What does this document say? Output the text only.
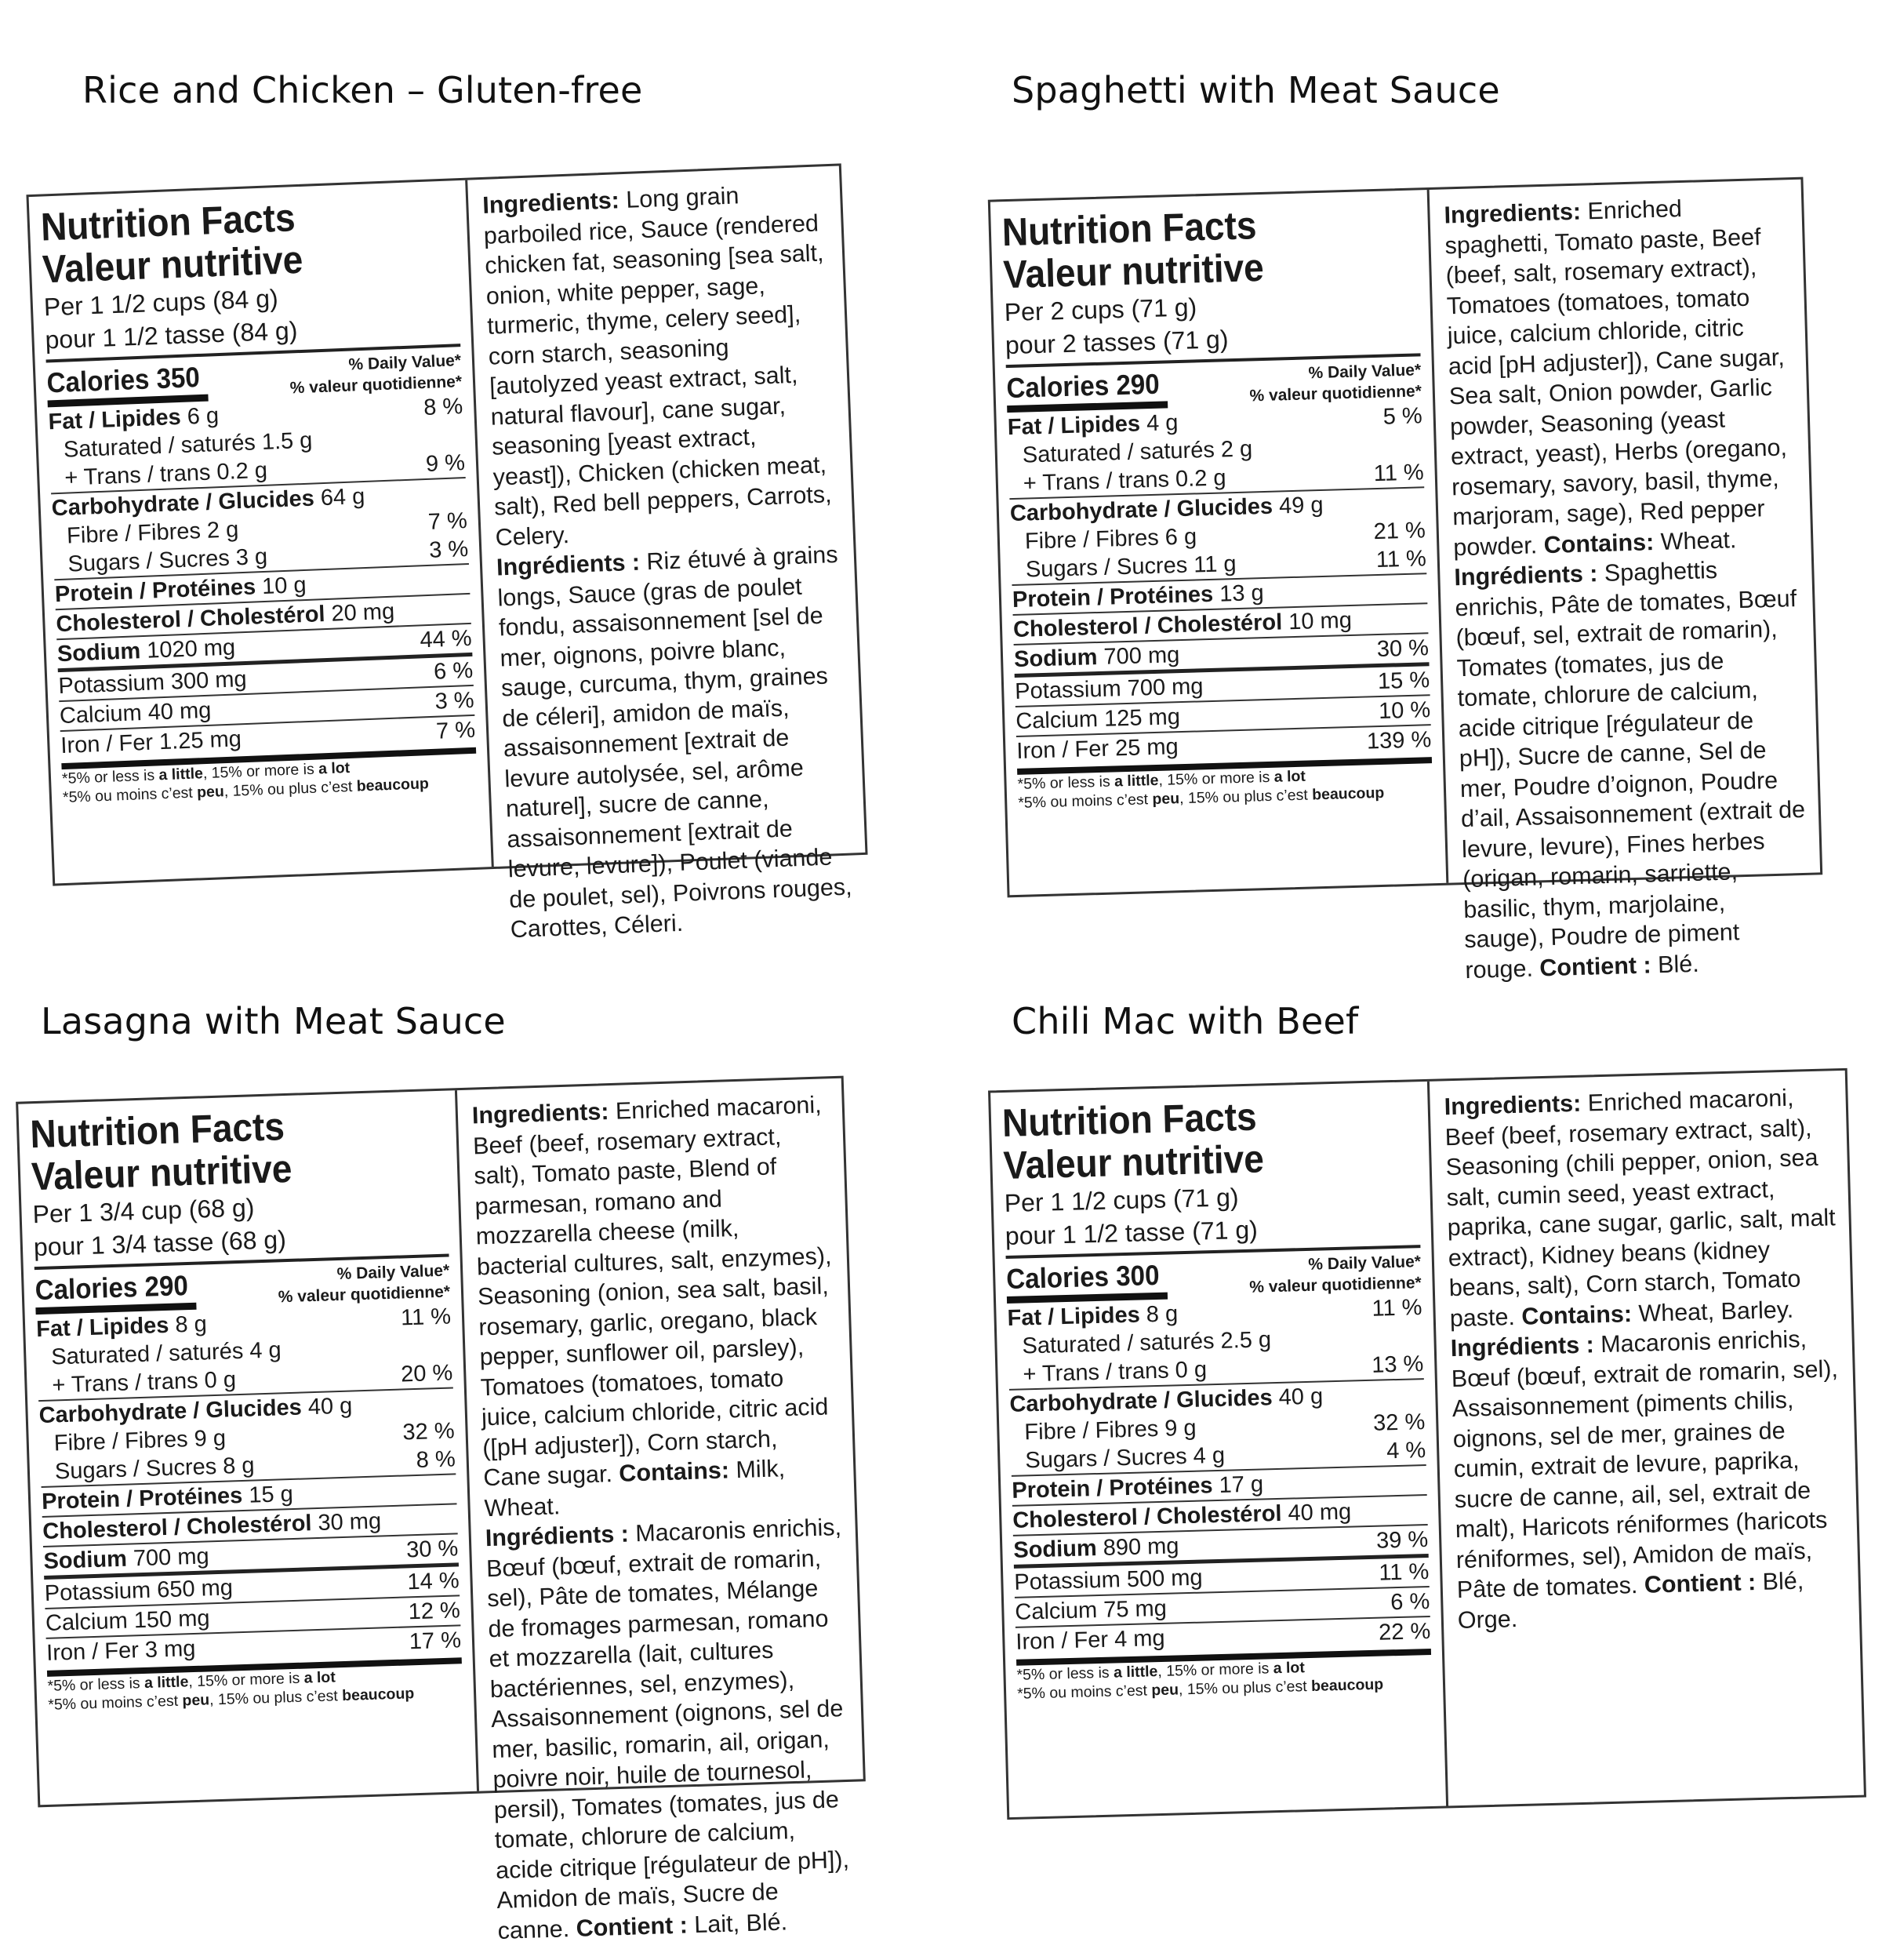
Rice and Chicken – Gluten-free	Spaghetti with Meat Sauce
Lasagna with Meat Sauce	Chili Mac with Beef
Nutrition Facts
Valeur nutritive
Per 1 1/2 cups (84 g)
pour 1 1/2 tasse (84 g)
Calories 350	% Daily Value*
% valeur quotidienne*
Fat / Lipides 6 g	8 %
Saturated / saturés 1.5 g
+ Trans / trans 0.2 g	9 %
Carbohydrate / Glucides 64 g
Fibre / Fibres 2 g	7 %
Sugars / Sucres 3 g	3 %
Protein / Protéines 10 g
Cholesterol / Cholestérol 20 mg
Sodium 1020 mg	44 %
Potassium 300 mg	6 %
Calcium 40 mg	3 %
Iron / Fer 1.25 mg	7 %
*5% or less is a little, 15% or more is a lot
*5% ou moins c’est peu, 15% ou plus c’est beaucoup
Ingredients: Long grain parboiled rice, Sauce (rendered chicken fat, seasoning [sea salt, onion, white pepper, sage, turmeric, thyme, celery seed], corn starch, seasoning [autolyzed yeast extract, salt, natural flavour], cane sugar, seasoning [yeast extract, yeast]), Chicken (chicken meat, salt), Red bell peppers, Carrots, Celery.
Ingrédients : Riz étuvé à grains longs, Sauce (gras de poulet fondu, assaisonnement [sel de mer, oignons, poivre blanc, sauge, curcuma, thym, graines de céleri], amidon de maïs, assaisonnement [extrait de levure autolysée, sel, arôme naturel], sucre de canne, assaisonnement [extrait de levure, levure]), Poulet (viande de poulet, sel), Poivrons rouges, Carottes, Céleri.
Nutrition Facts
Valeur nutritive
Per 2 cups (71 g)
pour 2 tasses (71 g)
Calories 290	% Daily Value*
% valeur quotidienne*
Fat / Lipides 4 g	5 %
Saturated / saturés 2 g
+ Trans / trans 0.2 g	11 %
Carbohydrate / Glucides 49 g
Fibre / Fibres 6 g	21 %
Sugars / Sucres 11 g	11 %
Protein / Protéines 13 g
Cholesterol / Cholestérol 10 mg
Sodium 700 mg	30 %
Potassium 700 mg	15 %
Calcium 125 mg	10 %
Iron / Fer 25 mg	139 %
*5% or less is a little, 15% or more is a lot
*5% ou moins c’est peu, 15% ou plus c’est beaucoup
Ingredients: Enriched spaghetti, Tomato paste, Beef (beef, salt, rosemary extract), Tomatoes (tomatoes, tomato juice, calcium chloride, citric acid [pH adjuster]), Cane sugar, Sea salt, Onion powder, Garlic powder, Seasoning (yeast extract, yeast), Herbs (oregano, rosemary, savory, basil, thyme, marjoram, sage), Red pepper powder. Contains: Wheat.
Ingrédients : Spaghettis enrichis, Pâte de tomates, Bœuf (bœuf, sel, extrait de romarin), Tomates (tomates, jus de tomate, chlorure de calcium, acide citrique [régulateur de pH]), Sucre de canne, Sel de mer, Poudre d’oignon, Poudre d’ail, Assaisonnement (extrait de levure, levure), Fines herbes (origan, romarin, sarriette, basilic, thym, marjolaine, sauge), Poudre de piment rouge. Contient : Blé.
Nutrition Facts
Valeur nutritive
Per 1 3/4 cup (68 g)
pour 1 3/4 tasse (68 g)
Calories 290	% Daily Value*
% valeur quotidienne*
Fat / Lipides 8 g	11 %
Saturated / saturés 4 g
+ Trans / trans 0 g	20 %
Carbohydrate / Glucides 40 g
Fibre / Fibres 9 g	32 %
Sugars / Sucres 8 g	8 %
Protein / Protéines 15 g
Cholesterol / Cholestérol 30 mg
Sodium 700 mg	30 %
Potassium 650 mg	14 %
Calcium 150 mg	12 %
Iron / Fer 3 mg	17 %
*5% or less is a little, 15% or more is a lot
*5% ou moins c’est peu, 15% ou plus c’est beaucoup
Ingredients: Enriched macaroni, Beef (beef, rosemary extract, salt), Tomato paste, Blend of parmesan, romano and mozzarella cheese (milk, bacterial cultures, salt, enzymes), Seasoning (onion, sea salt, basil, rosemary, garlic, oregano, black pepper, sunflower oil, parsley), Tomatoes (tomatoes, tomato juice, calcium chloride, citric acid ([pH adjuster]), Corn starch, Cane sugar. Contains: Milk, Wheat.
Ingrédients : Macaronis enrichis, Bœuf (bœuf, extrait de romarin, sel), Pâte de tomates, Mélange de fromages parmesan, romano et mozzarella (lait, cultures bactériennes, sel, enzymes), Assaisonnement (oignons, sel de mer, basilic, romarin, ail, origan, poivre noir, huile de tournesol, persil), Tomates (tomates, jus de tomate, chlorure de calcium, acide citrique [régulateur de pH]), Amidon de maïs, Sucre de canne. Contient : Lait, Blé.
Nutrition Facts
Valeur nutritive
Per 1 1/2 cups (71 g)
pour 1 1/2 tasse (71 g)
Calories 300	% Daily Value*
% valeur quotidienne*
Fat / Lipides 8 g	11 %
Saturated / saturés 2.5 g
+ Trans / trans 0 g	13 %
Carbohydrate / Glucides 40 g
Fibre / Fibres 9 g	32 %
Sugars / Sucres 4 g	4 %
Protein / Protéines 17 g
Cholesterol / Cholestérol 40 mg
Sodium 890 mg	39 %
Potassium 500 mg	11 %
Calcium 75 mg	6 %
Iron / Fer 4 mg	22 %
*5% or less is a little, 15% or more is a lot
*5% ou moins c’est peu, 15% ou plus c’est beaucoup
Ingredients: Enriched macaroni, Beef (beef, rosemary extract, salt), Seasoning (chili pepper, onion, sea salt, cumin seed, yeast extract, paprika, cane sugar, garlic, salt, malt extract), Kidney beans (kidney beans, salt), Corn starch, Tomato paste. Contains: Wheat, Barley.
Ingrédients : Macaronis enrichis, Bœuf (bœuf, extrait de romarin, sel), Assaisonnement (piments chilis, oignons, sel de mer, graines de cumin, extrait de levure, paprika, sucre de canne, ail, sel, extrait de malt), Haricots réniformes (haricots réniformes, sel), Amidon de maïs, Pâte de tomates. Contient : Blé, Orge.
